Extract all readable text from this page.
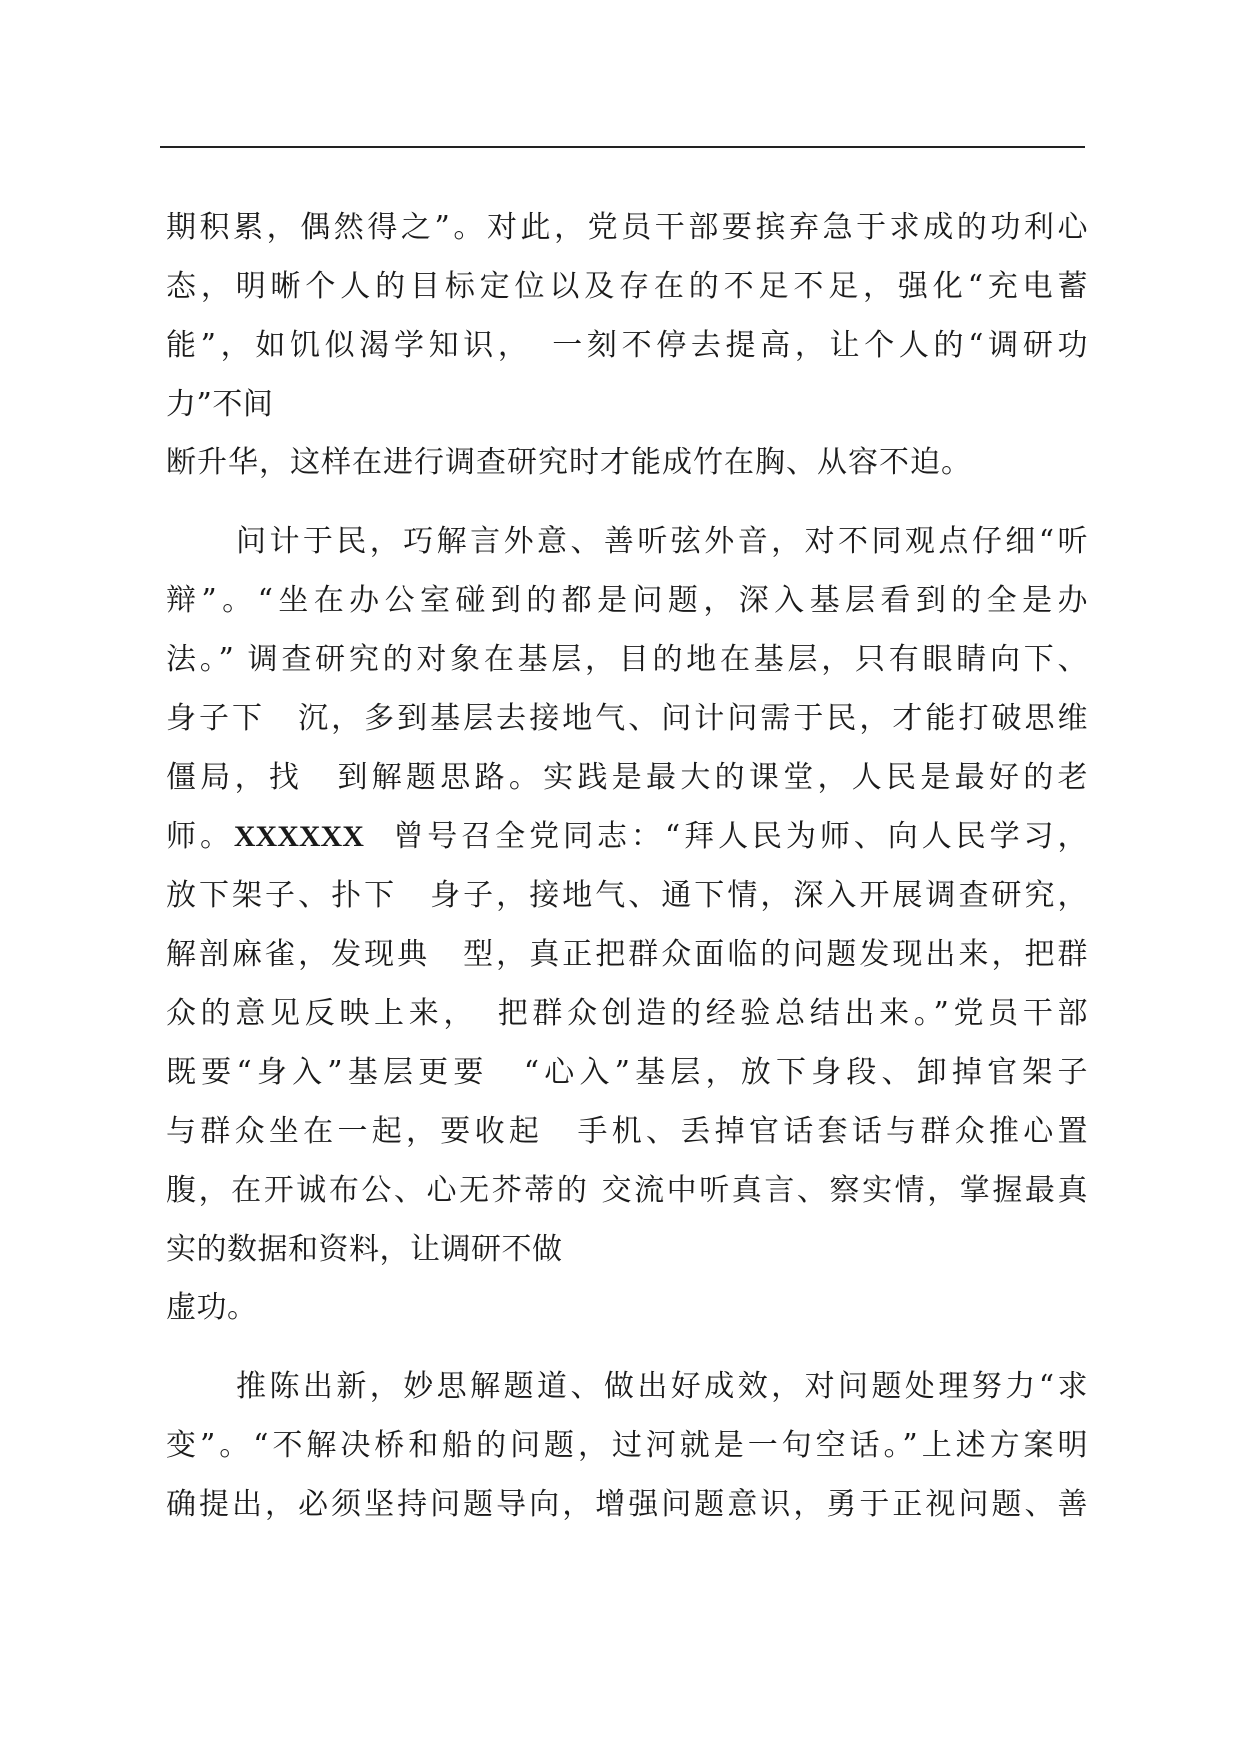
期积累，偶然得之”。对此，党员干部要摈弃急于求成的功利心

态，明晰个人的目标定位以及存在的不足不足，强化“充电蓄

能”，如饥似渴学知识，　一刻不停去提高，让个人的“调研功

力”不间

断升华，这样在进行调查研究时才能成竹在胸、从容不迫。

问计于民，巧解言外意、善听弦外音，对不同观点仔细“听

辩”。“坐在办公室碰到的都是问题，深入基层看到的全是办

法。” 调查研究的对象在基层，目的地在基层，只有眼睛向下、

身子下　沉，多到基层去接地气、问计问需于民，才能打破思维

僵局，找　到解题思路。实践是最大的课堂，人民是最好的老

师。XXXXXX 曾号召全党同志：“拜人民为师、向人民学习，

放下架子、扑下　身子，接地气、通下情，深入开展调查研究，

解剖麻雀，发现典　型，真正把群众面临的问题发现出来，把群

众的意见反映上来，　把群众创造的经验总结出来。”党员干部

既要“身入”基层更要　“心入”基层，放下身段、卸掉官架子

与群众坐在一起，要收起　手机、丢掉官话套话与群众推心置

腹，在开诚布公、心无芥蒂的 交流中听真言、察实情，掌握最真

实的数据和资料，让调研不做

虚功。

推陈出新，妙思解题道、做出好成效，对问题处理努力“求

变”。“不解决桥和船的问题，过河就是一句空话。”上述方案明

确提出，必须坚持问题导向，增强问题意识，勇于正视问题、善
